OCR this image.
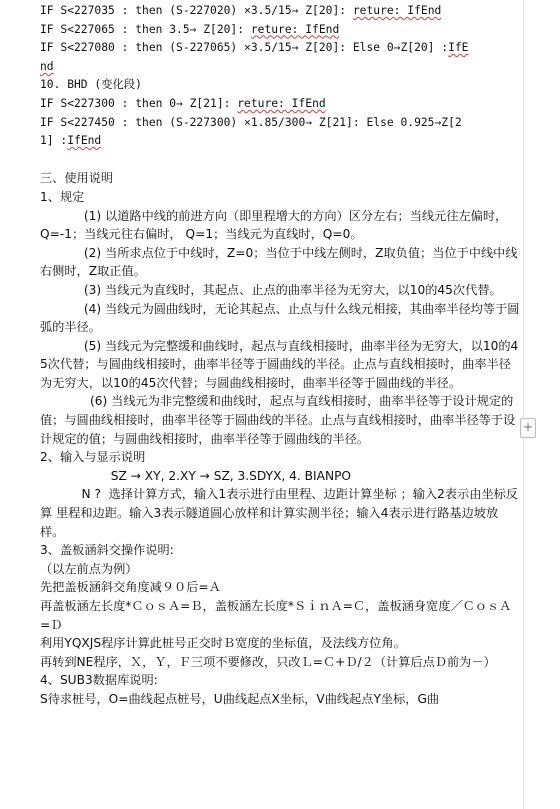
IF S<227035 : then (S-227020) ×3.5/15→ Z[20]: reture: IfEnd
IF S<227065 : then 3.5→ Z[20]: reture: IfEnd
IF S<227080 : then (S-227065) ×3.5/15→ Z[20]: Else 0→Z[20] :IfE
nd
10. BHD (变化段)
IF S<227300 : then 0→ Z[21]: reture: IfEnd
IF S<227450 : then (S-227300) ×1.85/300→ Z[21]: Else 0.925→Z[2
1] :IfEnd
三、使用说明
1、规定
(1) 以道路中线的前进方向（即里程增大的方向）区分左右；当线元往左偏时， Q=-1；当线元往右偏时， Q=1；当线元为直线时，Q=0。
(2) 当所求点位于中线时，Z=0；当位于中线左侧时，Z取负值；当位于中线中线右侧时，Z取正值。
(3) 当线元为直线时，其起点、止点的曲率半径为无穷大，以10的45次代替。
(4) 当线元为圆曲线时，无论其起点、止点与什么线元相接，其曲率半径均等于圆弧的半径。
(5) 当线元为完整缓和曲线时，起点与直线相接时，曲率半径为无穷大，以10的45次代替；与圆曲线相接时，曲率半径等于圆曲线的半径。止点与直线相接时，曲率半径为无穷大，以10的45次代替；与圆曲线相接时，曲率半径等于圆曲线的半径。
(6) 当线元为非完整缓和曲线时，起点与直线相接时，曲率半径等于设计规定的值；与圆曲线相接时，曲率半径等于圆曲线的半径。止点与直线相接时，曲率半径等于设计规定的值；与圆曲线相接时，曲率半径等于圆曲线的半径。
2、输入与显示说明
SZ → XY, 2.XY → SZ, 3.SDYX, 4. BIANPO
N ?  选择计算方式，输入1表示进行由里程、边距计算坐标 ；输入2表示由坐标反算 里程和边距。输入3表示隧道圆心放样和计算实测半径；输入4表示进行路基边坡放样。
3、盖板涵斜交操作说明:
（以左前点为例）
先把盖板涵斜交角度减９０后=Ａ
再盖板涵左长度*ＣｏｓＡ=Ｂ，盖板涵左长度*ＳｉｎＡ=Ｃ，盖板涵身宽度／ＣｏｓＡ=Ｄ
利用YQXJS程序计算此桩号正交时Ｂ宽度的坐标值，及法线方位角。
再转到NE程序，Ｘ，Ｙ，Ｆ三项不要修改，只改Ｌ=Ｃ+Ｄ/２（计算后点Ｄ前为－）
4、SUB3数据库说明:
S待求桩号，O=曲线起点桩号，U曲线起点X坐标，V曲线起点Y坐标，G曲
+
